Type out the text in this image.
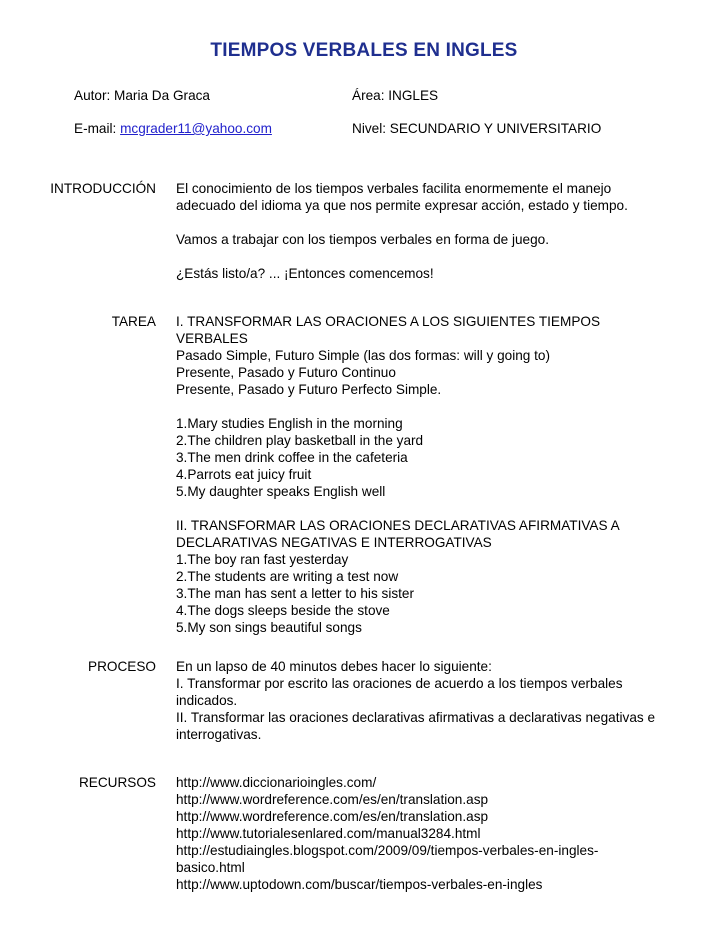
TIEMPOS VERBALES EN INGLES
Autor: Maria Da Graca	Área: INGLES
E-mail: mcgrader11@yahoo.com	Nivel: SECUNDARIO Y UNIVERSITARIO
INTRODUCCIÓN El conocimiento de los tiempos verbales facilita enormemente el manejo adecuado del idioma ya que nos permite expresar acción, estado y tiempo.

Vamos a trabajar con los tiempos verbales en forma de juego.

¿Estás listo/a? ... ¡Entonces comencemos!

TAREA I. TRANSFORMAR LAS ORACIONES A LOS SIGUIENTES TIEMPOS VERBALES

Pasado Simple, Futuro Simple (las dos formas: will y going to)

Presente, Pasado y Futuro Continuo

Presente, Pasado y Futuro Perfecto Simple.

1.Mary studies English in the morning

2.The children play basketball in the yard

3.The men drink coffee in the cafeteria

4.Parrots eat juicy fruit

5.My daughter speaks English well

II. TRANSFORMAR LAS ORACIONES DECLARATIVAS AFIRMATIVAS A DECLARATIVAS NEGATIVAS E INTERROGATIVAS

1.The boy ran fast yesterday

2.The students are writing a test now

3.The man has sent a letter to his sister

4.The dogs sleeps beside the stove

5.My son sings beautiful songs

PROCESO En un lapso de 40 minutos debes hacer lo siguiente:

I. Transformar por escrito las oraciones de acuerdo a los tiempos verbales indicados.

II. Transformar las oraciones declarativas afirmativas a declarativas negativas e interrogativas.

RECURSOS http://www.diccionarioingles.com/

http://www.wordreference.com/es/en/translation.asp

http://www.wordreference.com/es/en/translation.asp

http://www.tutorialesenlared.com/manual3284.html

http://estudiaingles.blogspot.com/2009/09/tiempos-verbales-en-ingles-basico.html

http://www.uptodown.com/buscar/tiempos-verbales-en-ingles
